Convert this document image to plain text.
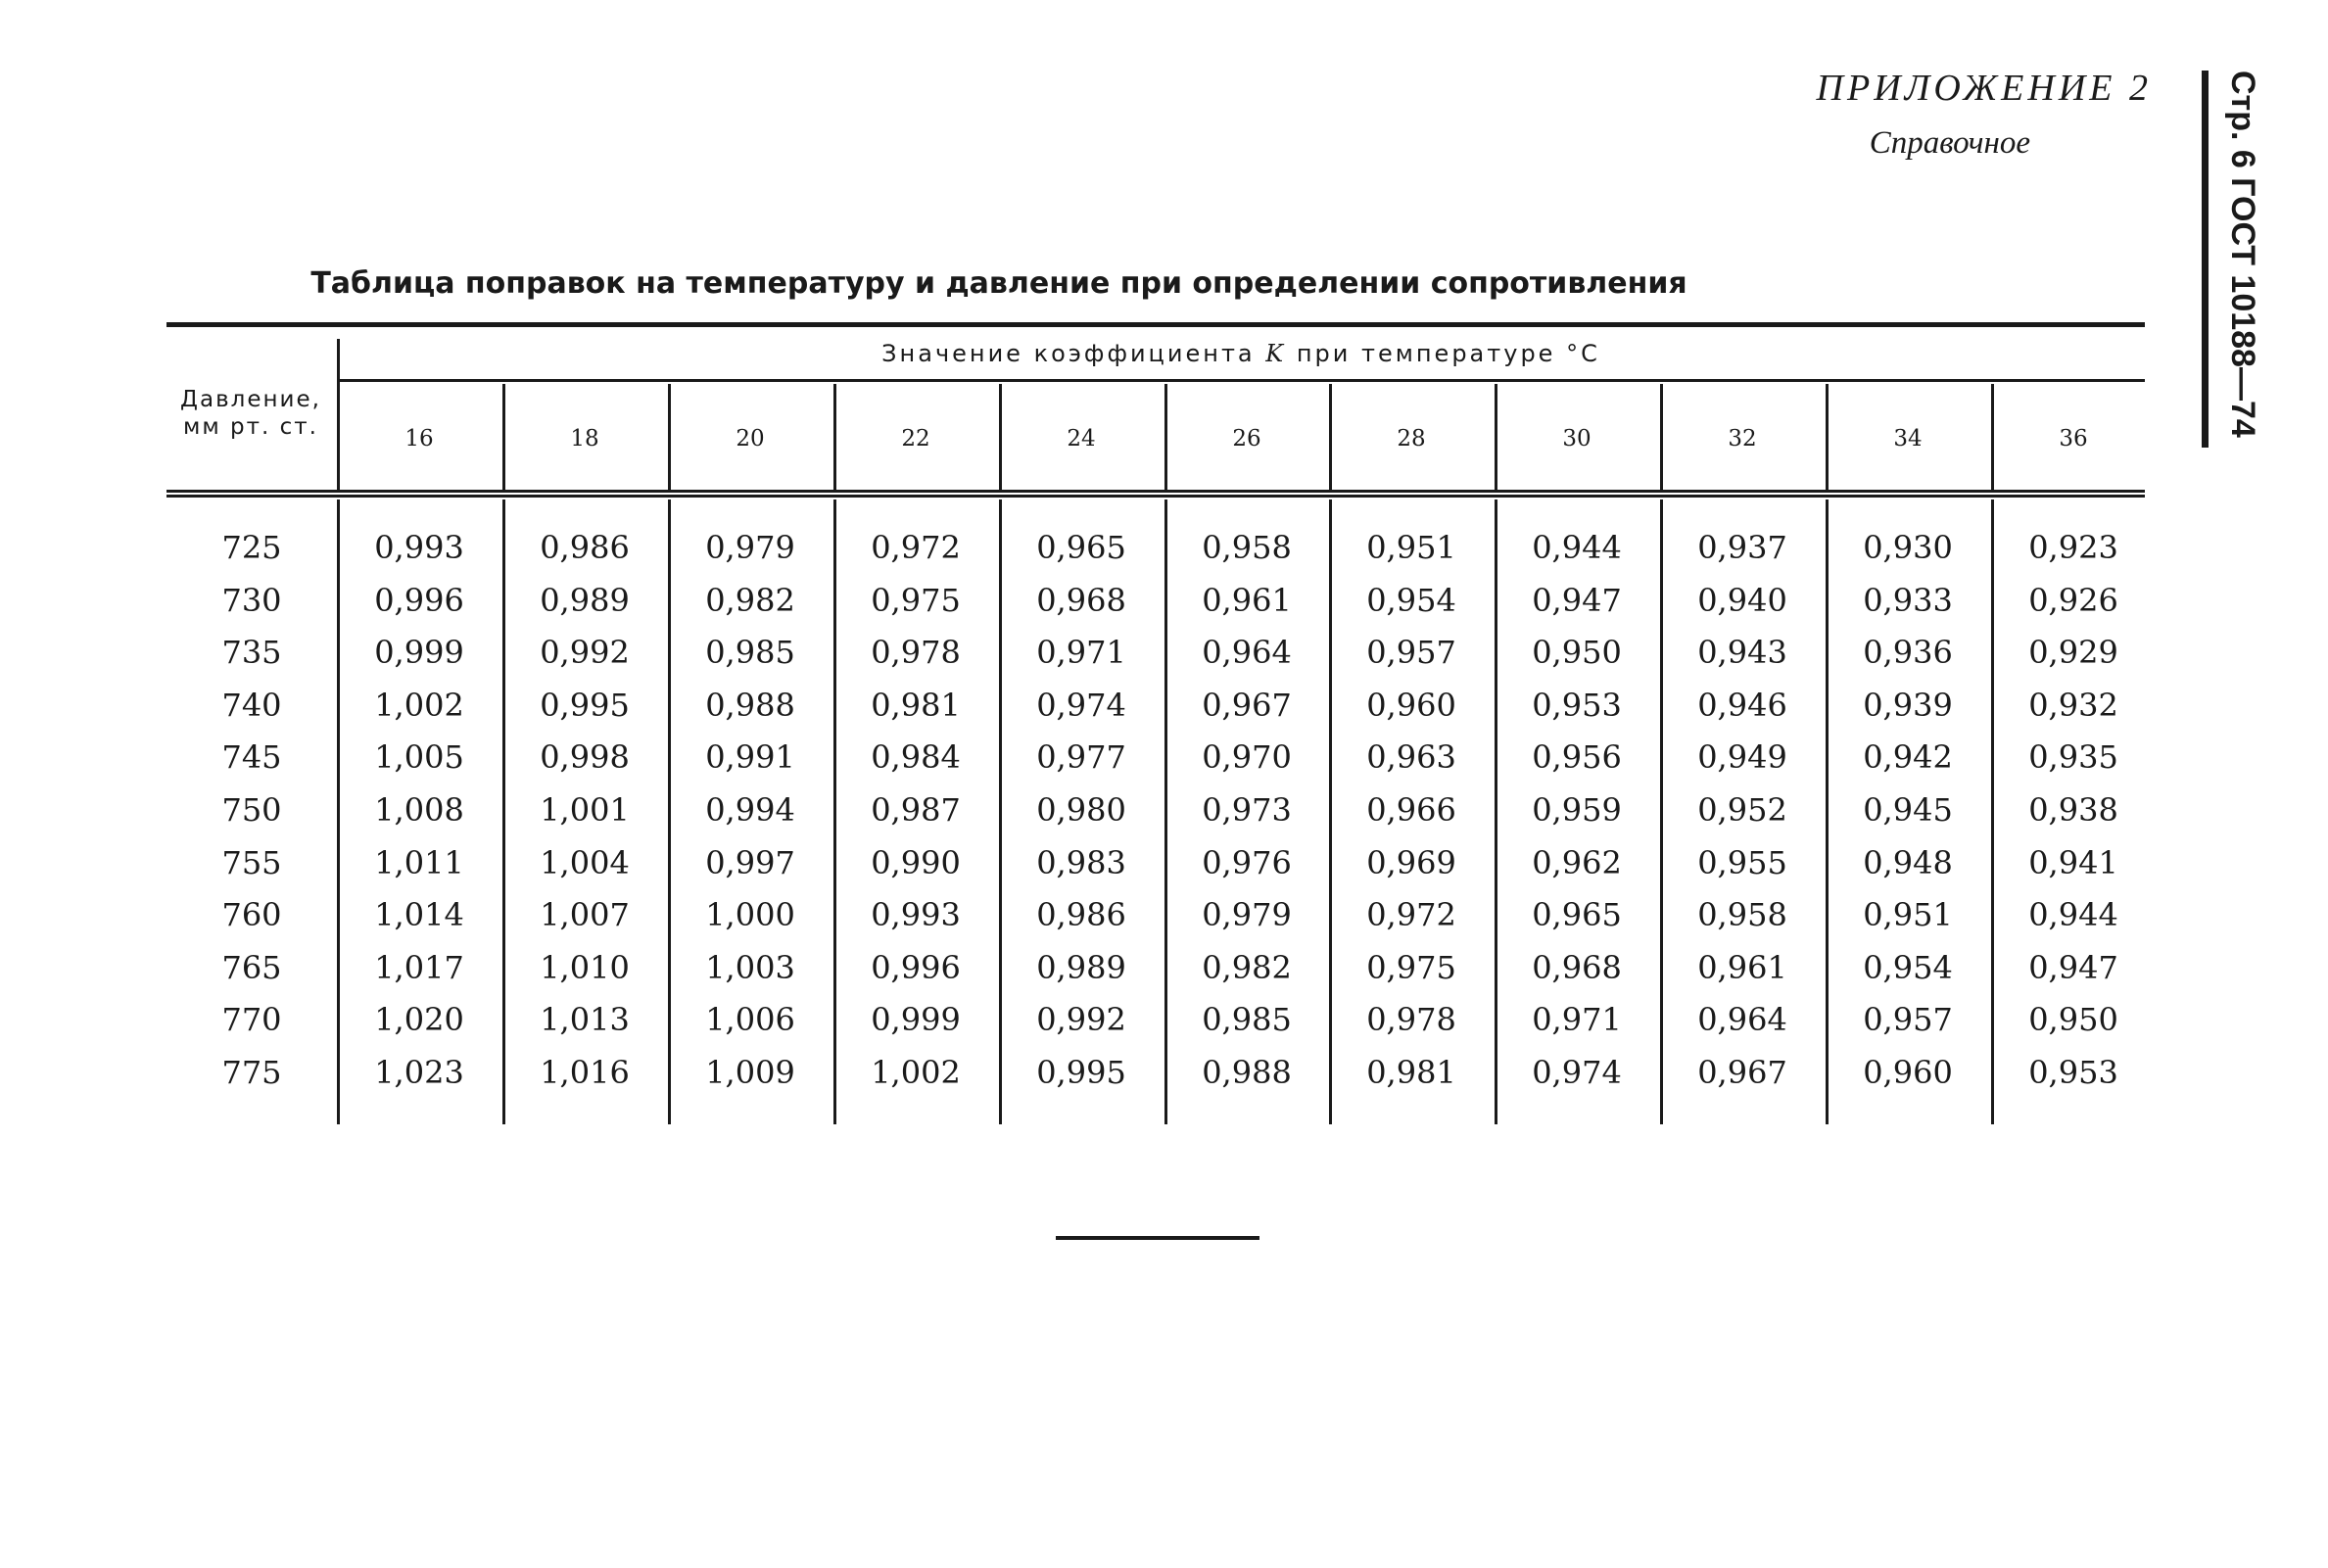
ПРИЛОЖЕНИЕ 2
Справочное	Стр. 6 ГОСТ 10188—74
Таблица поправок на температуру и давление при определении сопротивления
Значение коэффициента K при температуре °С
Давление,
мм рт. ст.	16	18	20	22	24	26	28	30	32	34	36
725	0,993	0,986	0,979	0,972	0,965	0,958	0,951	0,944	0,937	0,930	0,923
730	0,996	0,989	0,982	0,975	0,968	0,961	0,954	0,947	0,940	0,933	0,926
735	0,999	0,992	0,985	0,978	0,971	0,964	0,957	0,950	0,943	0,936	0,929
740	1,002	0,995	0,988	0,981	0,974	0,967	0,960	0,953	0,946	0,939	0,932
745	1,005	0,998	0,991	0,984	0,977	0,970	0,963	0,956	0,949	0,942	0,935
750	1,008	1,001	0,994	0,987	0,980	0,973	0,966	0,959	0,952	0,945	0,938
755	1,011	1,004	0,997	0,990	0,983	0,976	0,969	0,962	0,955	0,948	0,941
760	1,014	1,007	1,000	0,993	0,986	0,979	0,972	0,965	0,958	0,951	0,944
765	1,017	1,010	1,003	0,996	0,989	0,982	0,975	0,968	0,961	0,954	0,947
770	1,020	1,013	1,006	0,999	0,992	0,985	0,978	0,971	0,964	0,957	0,950
775	1,023	1,016	1,009	1,002	0,995	0,988	0,981	0,974	0,967	0,960	0,953
